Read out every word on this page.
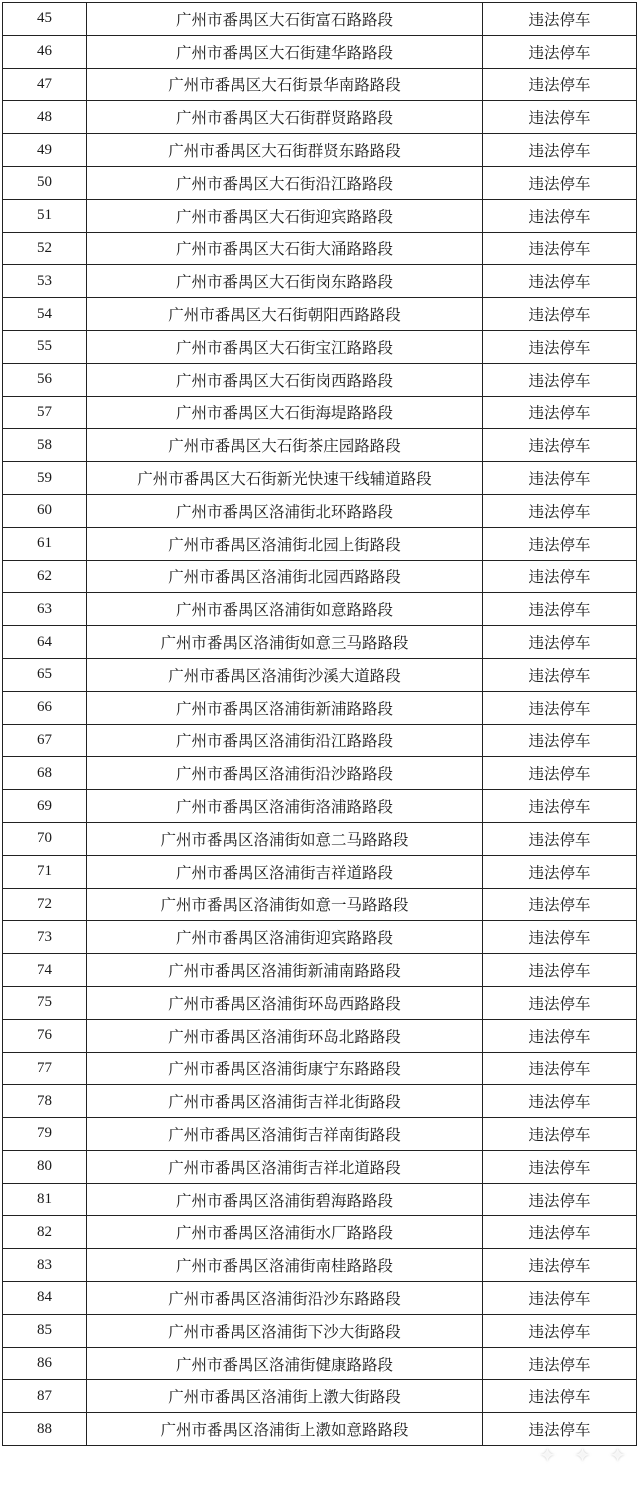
45	广州市番禺区大石街富石路路段	违法停车
46	广州市番禺区大石街建华路路段	违法停车
47	广州市番禺区大石街景华南路路段	违法停车
48	广州市番禺区大石街群贤路路段	违法停车
49	广州市番禺区大石街群贤东路路段	违法停车
50	广州市番禺区大石街沿江路路段	违法停车
51	广州市番禺区大石街迎宾路路段	违法停车
52	广州市番禺区大石街大涌路路段	违法停车
53	广州市番禺区大石街岗东路路段	违法停车
54	广州市番禺区大石街朝阳西路路段	违法停车
55	广州市番禺区大石街宝江路路段	违法停车
56	广州市番禺区大石街岗西路路段	违法停车
57	广州市番禺区大石街海堤路路段	违法停车
58	广州市番禺区大石街茶庄园路路段	违法停车
59	广州市番禺区大石街新光快速干线辅道路段	违法停车
60	广州市番禺区洛浦街北环路路段	违法停车
61	广州市番禺区洛浦街北园上街路段	违法停车
62	广州市番禺区洛浦街北园西路路段	违法停车
63	广州市番禺区洛浦街如意路路段	违法停车
64	广州市番禺区洛浦街如意三马路路段	违法停车
65	广州市番禺区洛浦街沙溪大道路段	违法停车
66	广州市番禺区洛浦街新浦路路段	违法停车
67	广州市番禺区洛浦街沿江路路段	违法停车
68	广州市番禺区洛浦街沿沙路路段	违法停车
69	广州市番禺区洛浦街洛浦路路段	违法停车
70	广州市番禺区洛浦街如意二马路路段	违法停车
71	广州市番禺区洛浦街吉祥道路段	违法停车
72	广州市番禺区洛浦街如意一马路路段	违法停车
73	广州市番禺区洛浦街迎宾路路段	违法停车
74	广州市番禺区洛浦街新浦南路路段	违法停车
75	广州市番禺区洛浦街环岛西路路段	违法停车
76	广州市番禺区洛浦街环岛北路路段	违法停车
77	广州市番禺区洛浦街康宁东路路段	违法停车
78	广州市番禺区洛浦街吉祥北街路段	违法停车
79	广州市番禺区洛浦街吉祥南街路段	违法停车
80	广州市番禺区洛浦街吉祥北道路段	违法停车
81	广州市番禺区洛浦街碧海路路段	违法停车
82	广州市番禺区洛浦街水厂路路段	违法停车
83	广州市番禺区洛浦街南桂路路段	违法停车
84	广州市番禺区洛浦街沿沙东路路段	违法停车
85	广州市番禺区洛浦街下沙大街路段	违法停车
86	广州市番禺区洛浦街健康路路段	违法停车
87	广州市番禺区洛浦街上漖大街路段	违法停车
88	广州市番禺区洛浦街上漖如意路路段	违法停车
✦ ✦ ✦
